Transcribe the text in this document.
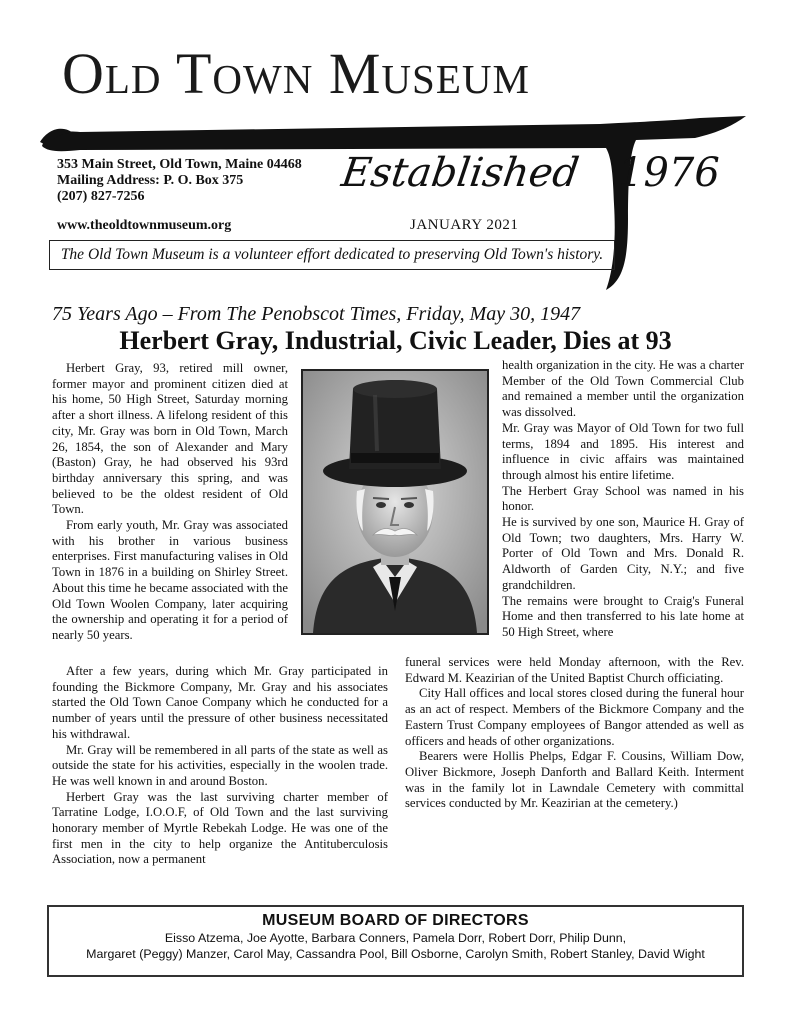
Old Town Museum
353 Main Street, Old Town, Maine 04468
Mailing Address: P. O. Box 375
(207) 827-7256
Established 1976
www.theoldtownmuseum.org	JANUARY 2021
The Old Town Museum is a volunteer effort dedicated to preserving Old Town's history.
75 Years Ago – From The Penobscot Times, Friday, May 30, 1947
Herbert Gray, Industrial, Civic Leader, Dies at 93

Herbert Gray, 93, retired mill owner, former mayor and prominent citizen died at his home, 50 High Street, Saturday morning after a short illness. A lifelong resident of this city, Mr. Gray was born in Old Town, March 26, 1854, the son of Alexander and Mary (Baston) Gray, he had observed his 93rd birthday anniversary this spring, and was believed to be the oldest resident of Old Town.

From early youth, Mr. Gray was associated with his brother in various business enterprises. First manufacturing valises in Old Town in 1876 in a building on Shirley Street. About this time he became associated with the Old Town Woolen Company, later acquiring the ownership and operating it for a period of nearly 50 years.

After a few years, during which Mr. Gray participated in founding the Bickmore Company, Mr. Gray and his associates started the Old Town Canoe Company which he conducted for a number of years until the pressure of other business necessitated his withdrawal.

Mr. Gray will be remembered in all parts of the state as well as outside the state for his activities, especially in the woolen trade. He was well known in and around Boston.

Herbert Gray was the last surviving charter member of Tarratine Lodge, I.O.O.F, of Old Town and the last surviving honorary member of Myrtle Rebekah Lodge. He was one of the first men in the city to help organize the Antituberculosis Association, now a permanent

health organization in the city. He was a charter Member of the Old Town Commercial Club and remained a member until the organization was dissolved.

Mr. Gray was Mayor of Old Town for two full terms, 1894 and 1895. His interest and influence in civic affairs was maintained through almost his entire lifetime.

The Herbert Gray School was named in his honor.

He is survived by one son, Maurice H. Gray of Old Town; two daughters, Mrs. Harry W. Porter of Old Town and Mrs. Donald R. Aldworth of Garden City, N.Y.; and five grandchildren.

The remains were brought to Craig's Funeral Home and then transferred to his late home at 50 High Street, where

funeral services were held Monday afternoon, with the Rev. Edward M. Keazirian of the United Baptist Church officiating.

City Hall offices and local stores closed during the funeral hour as an act of respect. Members of the Bickmore Company and the Eastern Trust Company employees of Bangor attended as well as officers and heads of other organizations.

Bearers were Hollis Phelps, Edgar F. Cousins, William Dow, Oliver Bickmore, Joseph Danforth and Ballard Keith. Interment was in the family lot in Lawndale Cemetery with committal services conducted by Mr. Keazirian at the cemetery.)

MUSEUM BOARD OF DIRECTORS
Eisso Atzema, Joe Ayotte, Barbara Conners, Pamela Dorr, Robert Dorr, Philip Dunn,
Margaret (Peggy) Manzer, Carol May, Cassandra Pool, Bill Osborne, Carolyn Smith, Robert Stanley, David Wight
